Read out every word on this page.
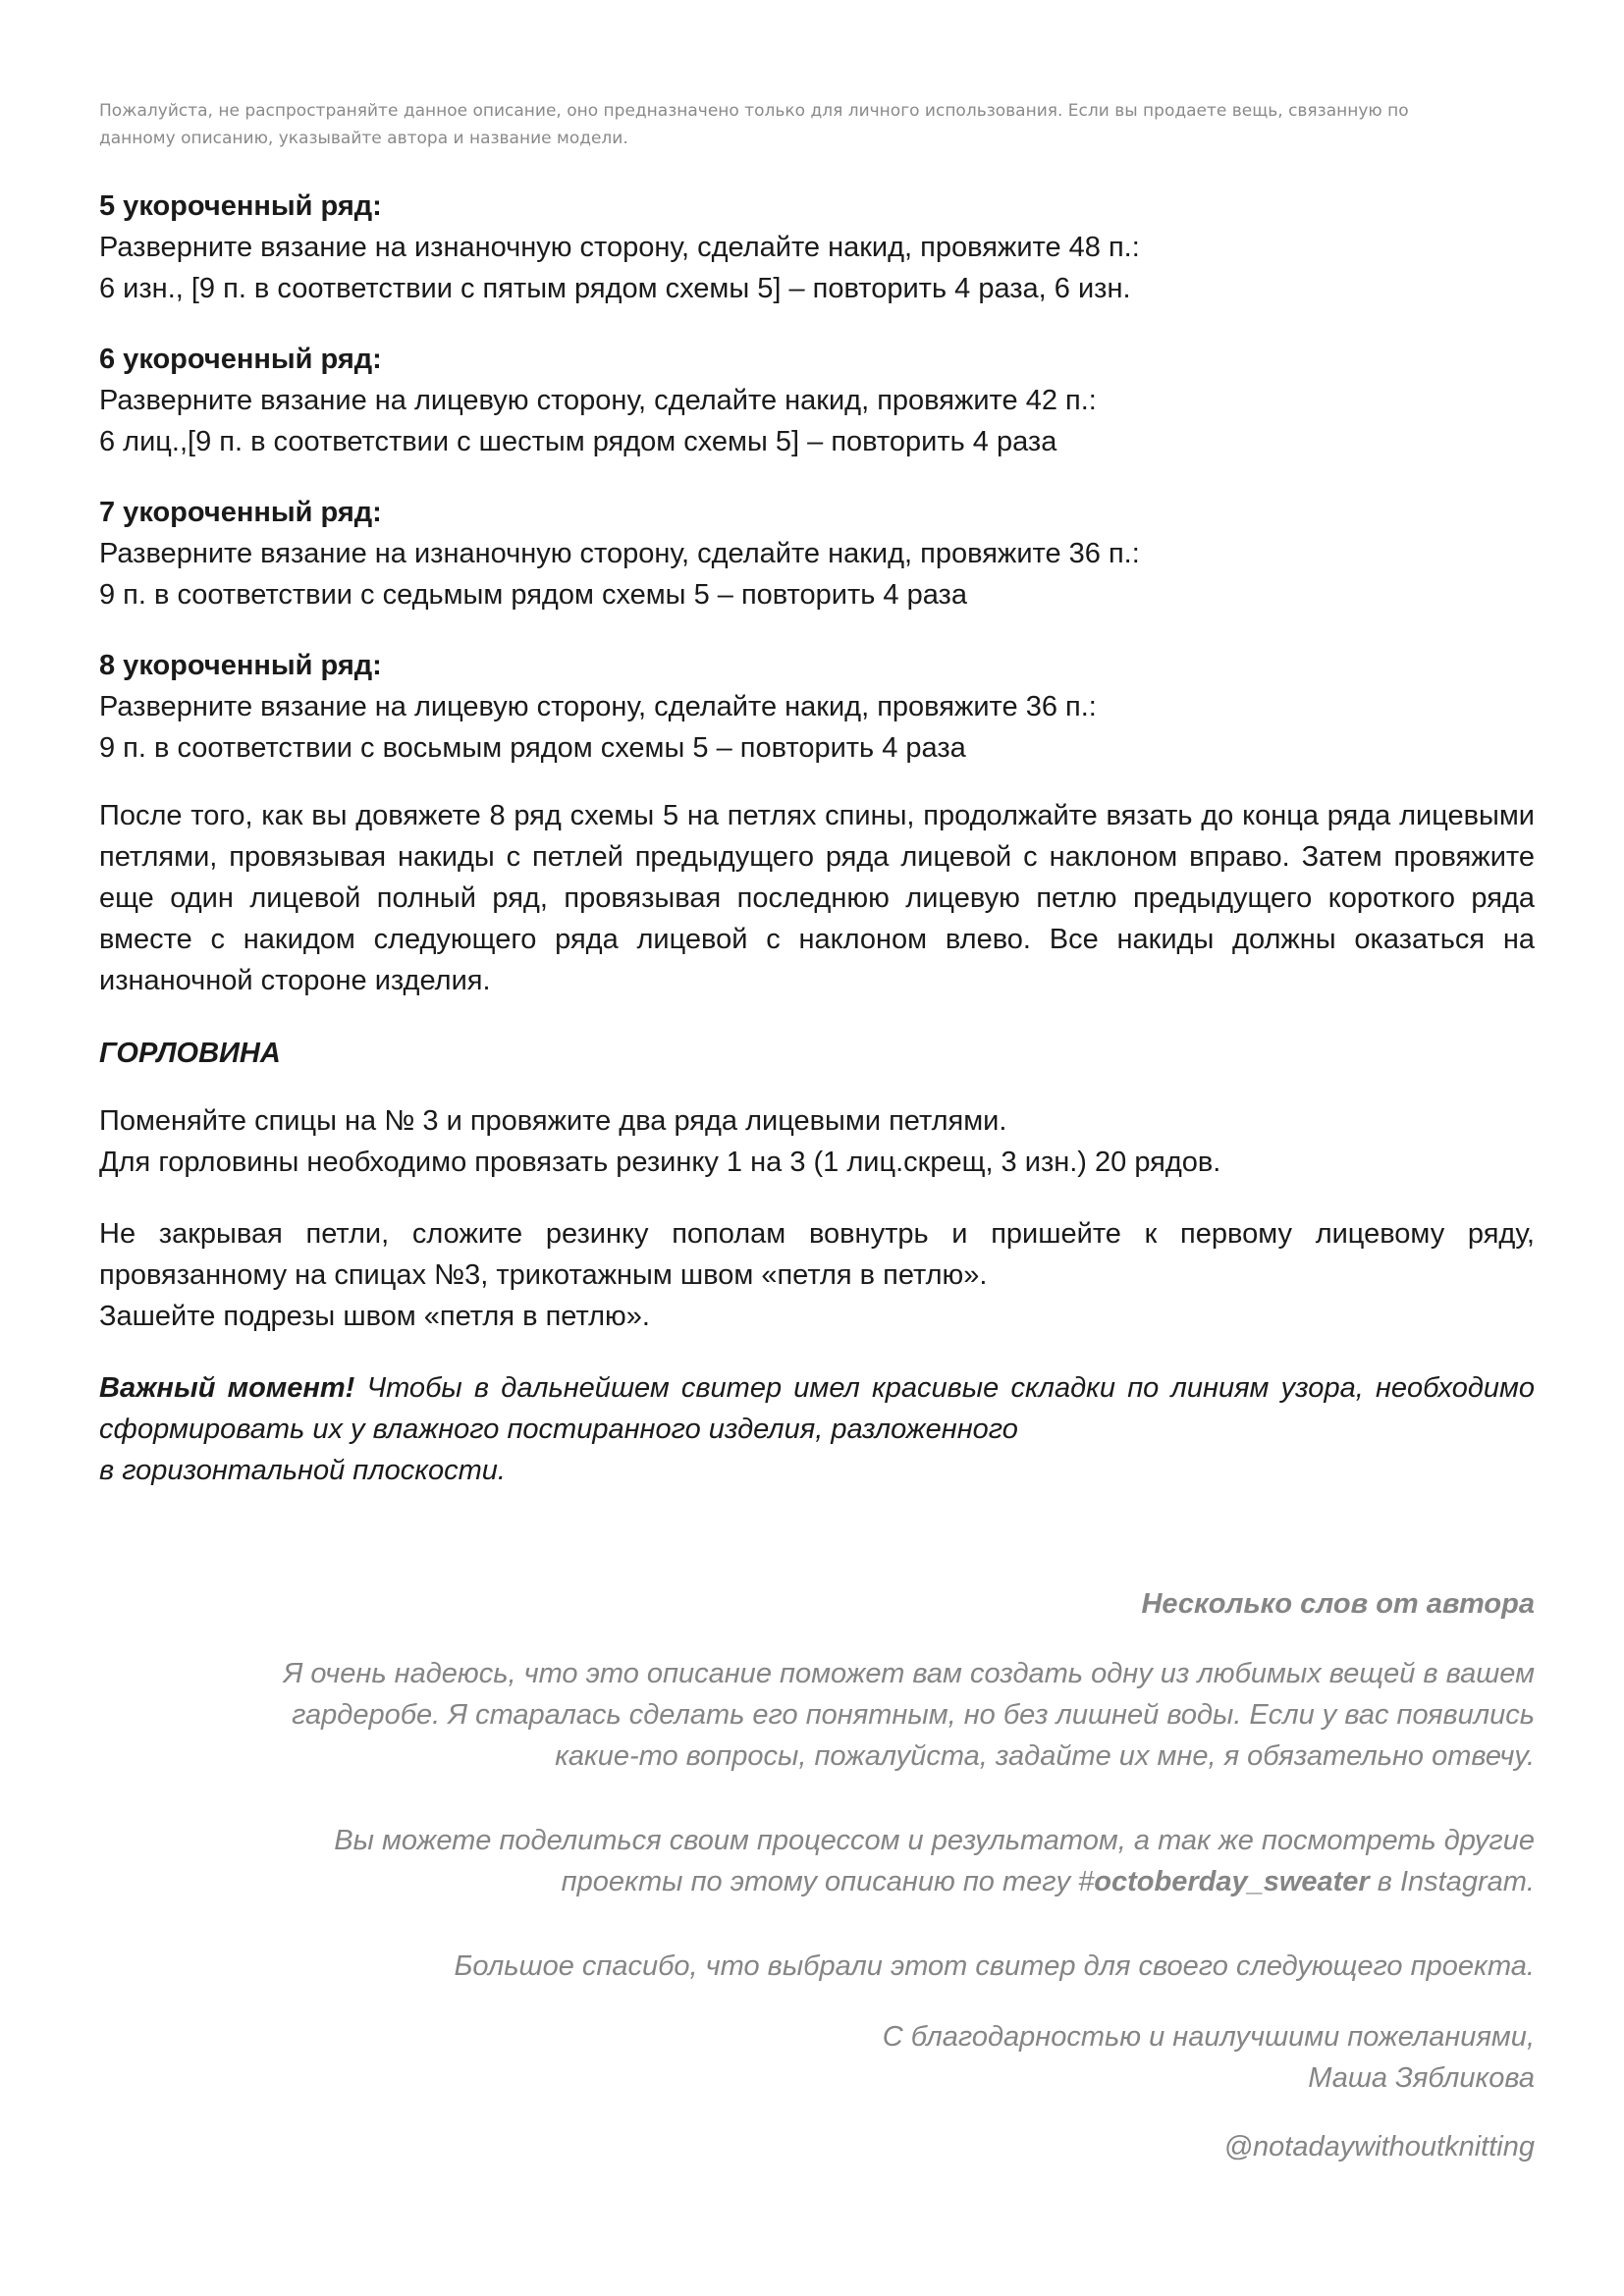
Пожалуйста, не распространяйте данное описание, оно предназначено только для личного использования. Если вы продаете вещь, связанную по
данному описанию, указывайте автора и название модели.
5 укороченный ряд:
Разверните вязание на изнаночную сторону, сделайте накид, провяжите 48 п.:
6 изн., [9 п. в соответствии с пятым рядом схемы 5] – повторить 4 раза, 6 изн.
6 укороченный ряд:
Разверните вязание на лицевую сторону, сделайте накид, провяжите 42 п.:
6 лиц.,[9 п. в соответствии с шестым рядом схемы 5] – повторить 4 раза
7 укороченный ряд:
Разверните вязание на изнаночную сторону, сделайте накид, провяжите 36 п.:
9 п. в соответствии с седьмым рядом схемы 5 – повторить 4 раза
8 укороченный ряд:
Разверните вязание на лицевую сторону, сделайте накид, провяжите 36 п.:
9 п. в соответствии с восьмым рядом схемы 5 – повторить 4 раза

После того, как вы довяжете 8 ряд схемы 5 на петлях спины, продолжайте вязать до конца ряда лицевыми петлями, провязывая накиды с петлей предыдущего ряда лицевой с наклоном вправо. Затем провяжите еще один лицевой полный ряд, провязывая последнюю лицевую петлю предыдущего короткого ряда вместе с накидом следующего ряда лицевой с наклоном влево. Все накиды должны оказаться на изнаночной стороне изделия.

ГОРЛОВИНА
Поменяйте спицы на № 3 и провяжите два ряда лицевыми петлями.
Для горловины необходимо провязать резинку 1 на 3 (1 лиц.скрещ, 3 изн.) 20 рядов.

Не закрывая петли, сложите резинку пополам вовнутрь и пришейте к первому лицевому ряду, провязанному на спицах №3, трикотажным швом «петля в петлю».

Зашейте подрезы швом «петля в петлю».

Важный момент! Чтобы в дальнейшем свитер имел красивые складки по линиям узора, необходимо сформировать их у влажного постиранного изделия, разложенного

в горизонтальной плоскости.
Несколько слов от автора
Я очень надеюсь, что это описание поможет вам создать одну из любимых вещей в вашем
гардеробе. Я старалась сделать его понятным, но без лишней воды. Если у вас появились
какие-то вопросы, пожалуйста, задайте их мне, я обязательно отвечу.
Вы можете поделиться своим процессом и результатом, а так же посмотреть другие
проекты по этому описанию по тегу #octoberday_sweater в Instagram.
Большое спасибо, что выбрали этот свитер для своего следующего проекта.
С благодарностью и наилучшими пожеланиями,
Маша Зябликова
@notadaywithoutknitting
